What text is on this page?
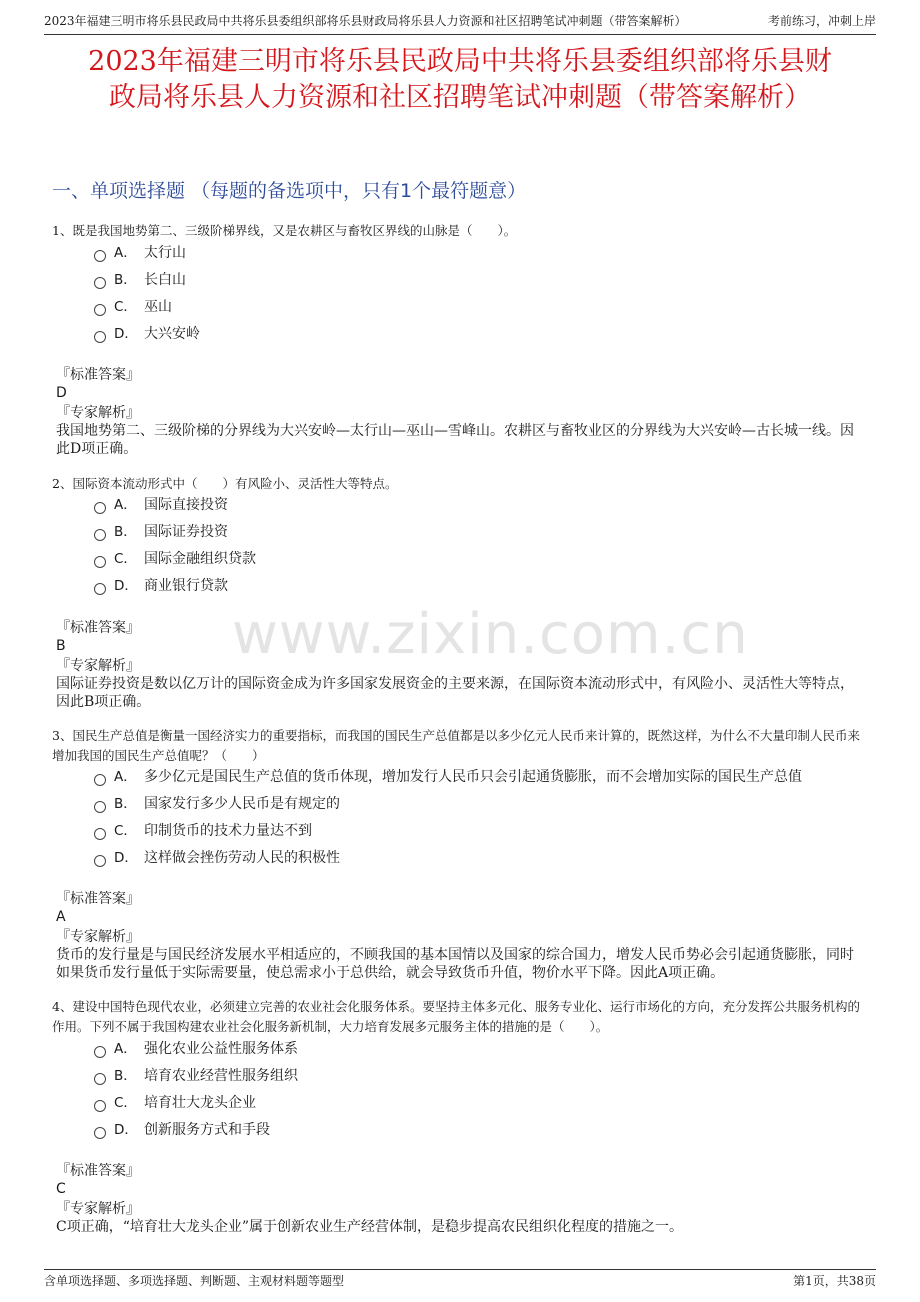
2023年福建三明市将乐县民政局中共将乐县委组织部将乐县财政局将乐县人力资源和社区招聘笔试冲刺题（带答案解析）	考前练习，冲刺上岸
2023年福建三明市将乐县民政局中共将乐县委组织部将乐县财
政局将乐县人力资源和社区招聘笔试冲刺题（带答案解析）
一、单项选择题 （每题的备选项中，只有1个最符题意）
www.zixin.com.cn
1、既是我国地势第二、三级阶梯界线，又是农耕区与畜牧区界线的山脉是（　　）。
A． 太行山
B． 长白山
C． 巫山
D． 大兴安岭
『标准答案』
D
『专家解析』
我国地势第二、三级阶梯的分界线为大兴安岭—太行山—巫山—雪峰山。农耕区与畜牧业区的分界线为大兴安岭—古长城一线。因此D项正确。
2、国际资本流动形式中（　　）有风险小、灵活性大等特点。
A． 国际直接投资
B． 国际证券投资
C． 国际金融组织贷款
D． 商业银行贷款
『标准答案』
B
『专家解析』
国际证券投资是数以亿万计的国际资金成为许多国家发展资金的主要来源，在国际资本流动形式中，有风险小、灵活性大等特点，因此B项正确。
3、国民生产总值是衡量一国经济实力的重要指标，而我国的国民生产总值都是以多少亿元人民币来计算的，既然这样，为什么不大量印制人民币来增加我国的国民生产总值呢？（　　）
A． 多少亿元是国民生产总值的货币体现，增加发行人民币只会引起通货膨胀，而不会增加实际的国民生产总值
B． 国家发行多少人民币是有规定的
C． 印制货币的技术力量达不到
D． 这样做会挫伤劳动人民的积极性
『标准答案』
A
『专家解析』
货币的发行量是与国民经济发展水平相适应的，不顾我国的基本国情以及国家的综合国力，增发人民币势必会引起通货膨胀，同时如果货币发行量低于实际需要量，使总需求小于总供给，就会导致货币升值，物价水平下降。因此A项正确。
4、建设中国特色现代农业，必须建立完善的农业社会化服务体系。要坚持主体多元化、服务专业化、运行市场化的方向，充分发挥公共服务机构的作用。下列不属于我国构建农业社会化服务新机制，大力培育发展多元服务主体的措施的是（　　）。
A． 强化农业公益性服务体系
B． 培育农业经营性服务组织
C． 培育壮大龙头企业
D． 创新服务方式和手段
『标准答案』
C
『专家解析』
C项正确，“培育壮大龙头企业”属于创新农业生产经营体制，是稳步提高农民组织化程度的措施之一。
含单项选择题、多项选择题、判断题、主观材料题等题型	第1页，共38页
